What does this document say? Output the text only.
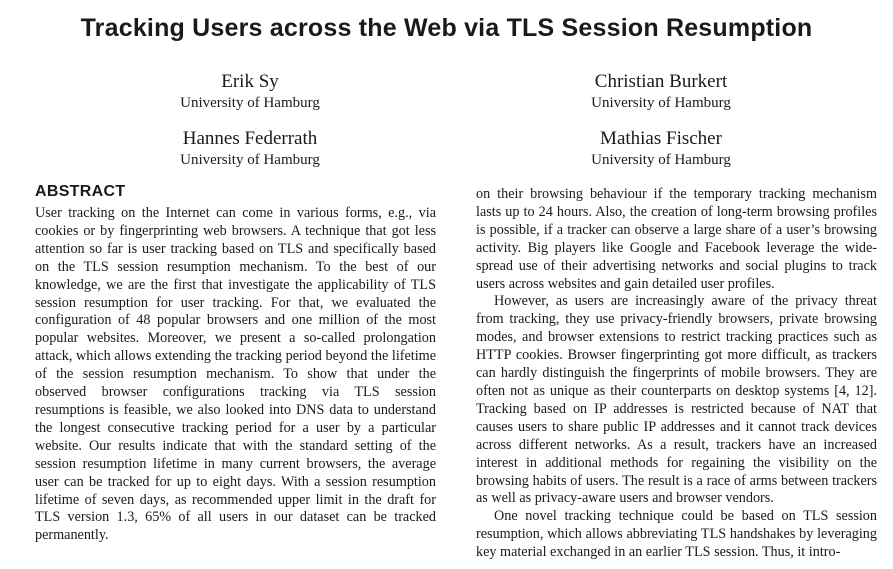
Tracking Users across the Web via TLS Session Resumption
Erik Sy
University of Hamburg
Christian Burkert
University of Hamburg
Hannes Federrath
University of Hamburg
Mathias Fischer
University of Hamburg
ABSTRACT

User tracking on the Internet can come in various forms, e.g., via cookies or by fingerprinting web browsers. A technique that got less attention so far is user tracking based on TLS and specifically based on the TLS session resumption mechanism. To the best of our knowledge, we are the first that investigate the applicability of TLS session resumption for user tracking. For that, we evaluated the configuration of 48 popular browsers and one million of the most popular websites. Moreover, we present a so-called prolongation attack, which allows extending the tracking period beyond the lifetime of the session resumption mechanism. To show that under the observed browser configurations tracking via TLS session resumptions is feasible, we also looked into DNS data to understand the longest consecutive tracking period for a user by a particular website. Our results indicate that with the standard setting of the session resumption lifetime in many current browsers, the average user can be tracked for up to eight days. With a session resumption lifetime of seven days, as recommended upper limit in the draft for TLS version 1.3, 65% of all users in our dataset can be tracked permanently.

on their browsing behaviour if the temporary tracking mechanism lasts up to 24 hours. Also, the creation of long-term browsing profiles is possible, if a tracker can observe a large share of a user’s browsing activity. Big players like Google and Facebook leverage the wide-spread use of their advertising networks and social plugins to track users across websites and gain detailed user profiles.

However, as users are increasingly aware of the privacy threat from tracking, they use privacy-friendly browsers, private browsing modes, and browser extensions to restrict tracking practices such as HTTP cookies. Browser fingerprinting got more difficult, as trackers can hardly distinguish the fingerprints of mobile browsers. They are often not as unique as their counterparts on desktop systems [4, 12]. Tracking based on IP addresses is restricted because of NAT that causes users to share public IP addresses and it cannot track devices across different networks. As a result, trackers have an increased interest in additional methods for regaining the visibility on the browsing habits of users. The result is a race of arms between trackers as well as privacy-aware users and browser vendors.

One novel tracking technique could be based on TLS session resumption, which allows abbreviating TLS handshakes by leveraging key material exchanged in an earlier TLS session. Thus, it intro-
